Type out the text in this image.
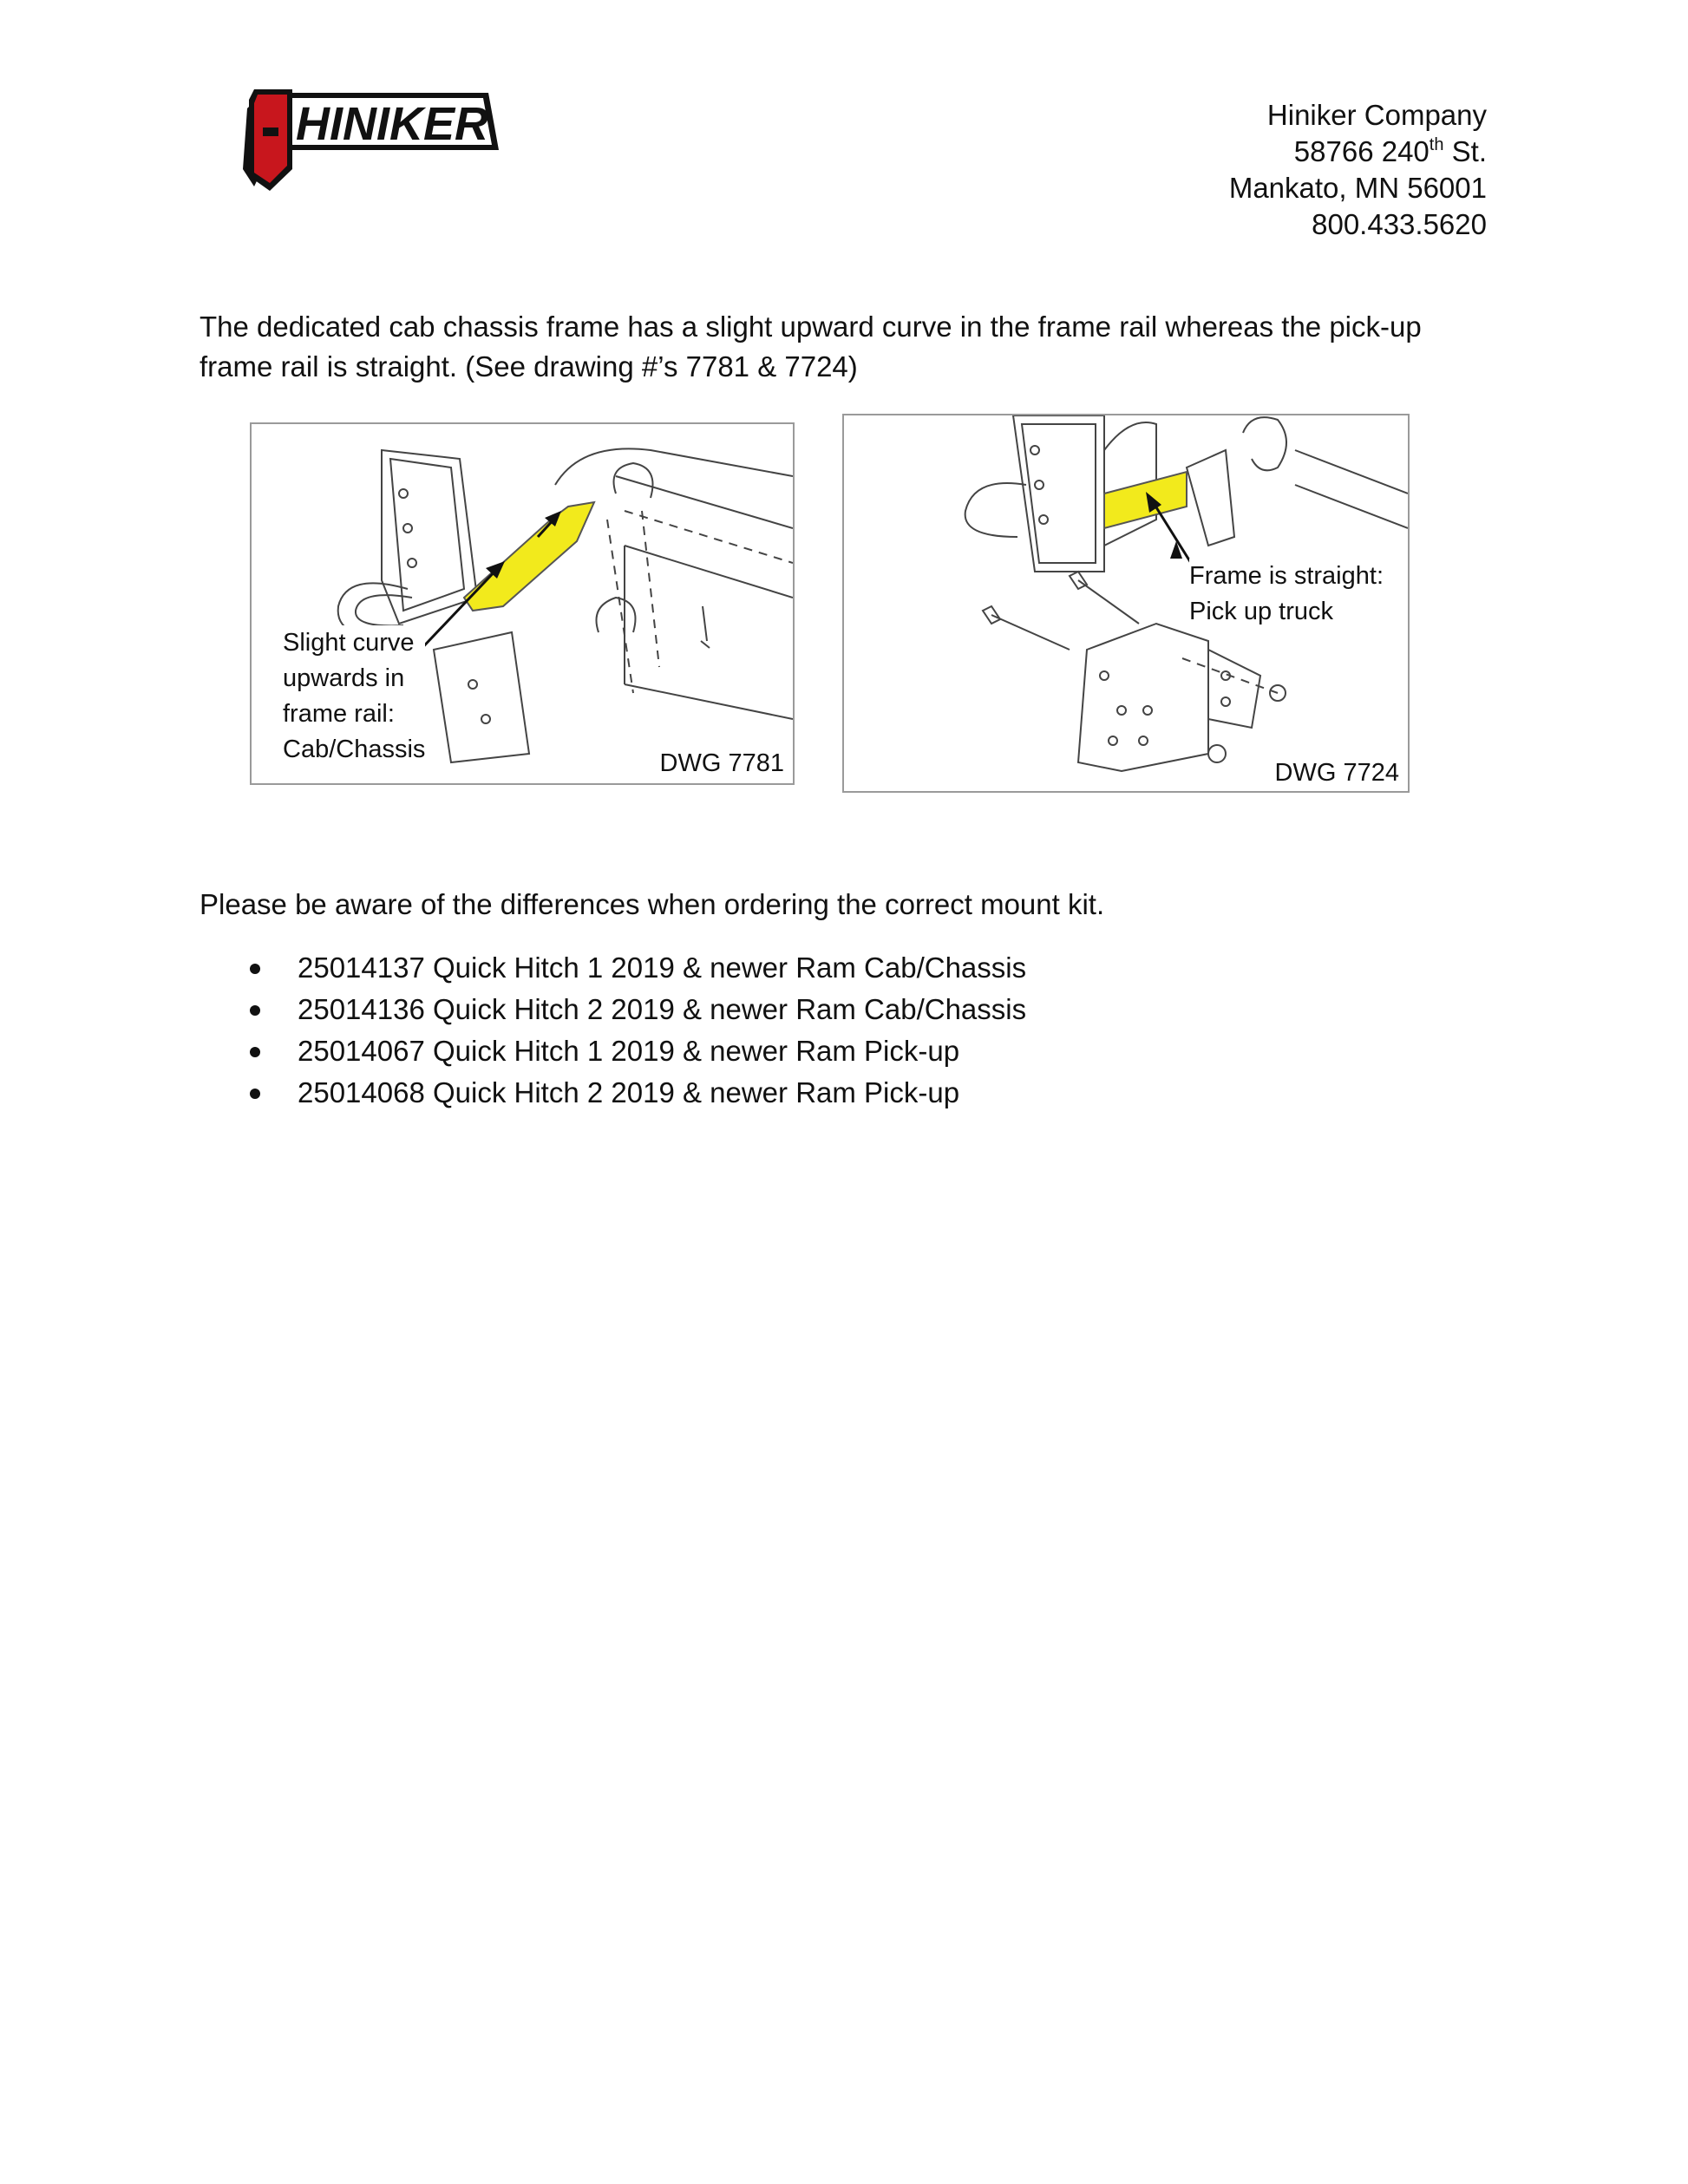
HINIKER	Hiniker Company
58766 240th St.
Mankato, MN 56001
800.433.5620
The dedicated cab chassis frame has a slight upward curve in the frame rail whereas the pick-up frame rail is straight. (See drawing #’s 7781 & 7724)
Slight curve
upwards in
frame rail:
Cab/Chassis	DWG 7781
Frame is straight:
Pick up truck
DWG 7724
Please be aware of the differences when ordering the correct mount kit.
25014137 Quick Hitch 1 2019 & newer Ram Cab/Chassis
25014136 Quick Hitch 2 2019 & newer Ram Cab/Chassis
25014067 Quick Hitch 1 2019 & newer Ram Pick-up
25014068 Quick Hitch 2 2019 & newer Ram Pick-up
